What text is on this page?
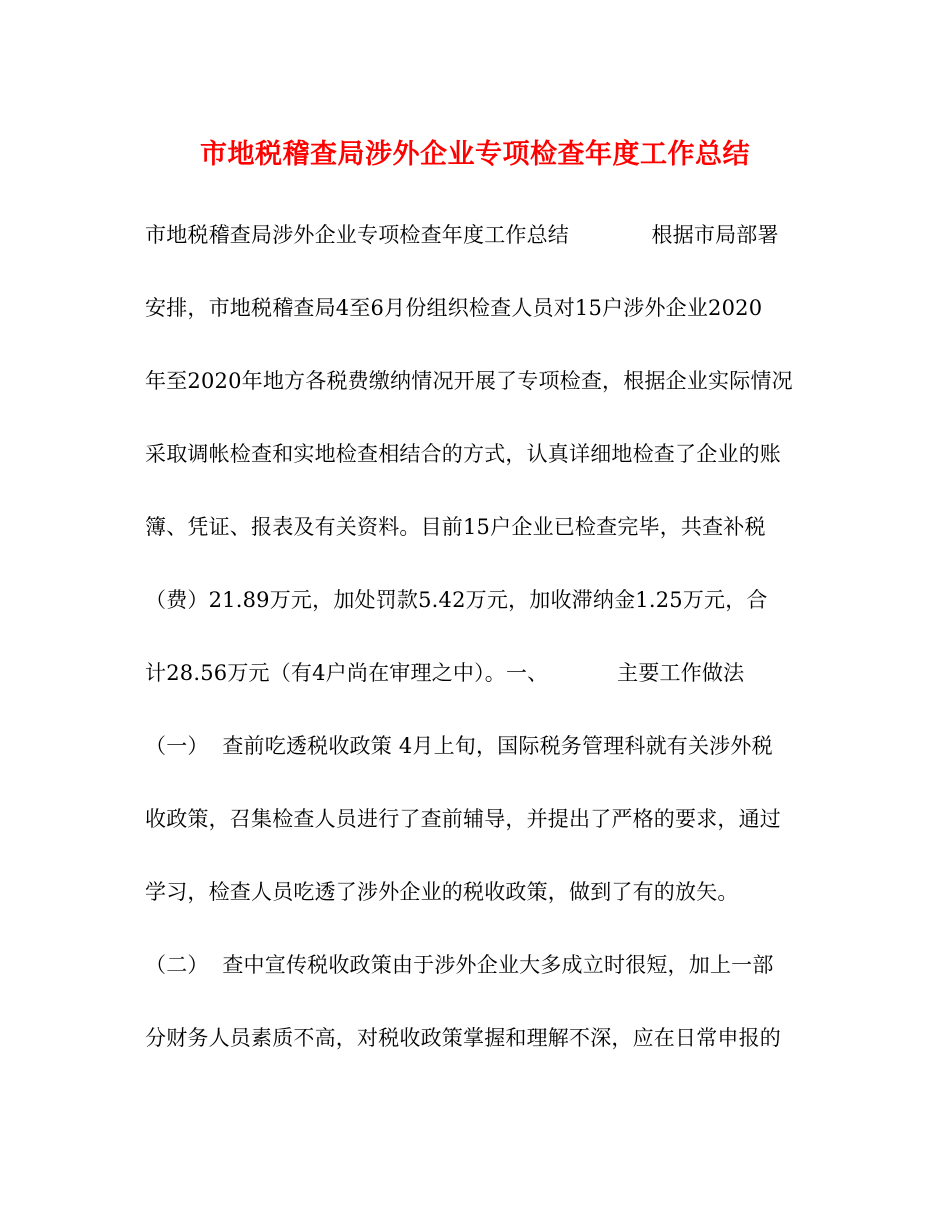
市地税稽查局涉外企业专项检查年度工作总结
市地税稽查局涉外企业专项检查年度工作总结            根据市局部署
安排，市地税稽查局4至6月份组织检查人员对15户涉外企业2020
年至2020年地方各税费缴纳情况开展了专项检查，根据企业实际情况
采取调帐检查和实地检查相结合的方式，认真详细地检查了企业的账
簿、凭证、报表及有关资料。目前15户企业已检查完毕，共查补税
（费）21.89万元，加处罚款5.42万元，加收滞纳金1.25万元，合
计28.56万元（有4户尚在审理之中）。一、          主要工作做法
（一）  查前吃透税收政策 4月上旬，国际税务管理科就有关涉外税
收政策，召集检查人员进行了查前辅导，并提出了严格的要求，通过
学习，检查人员吃透了涉外企业的税收政策，做到了有的放矢。
（二）  查中宣传税收政策由于涉外企业大多成立时很短，加上一部
分财务人员素质不高，对税收政策掌握和理解不深，应在日常申报的
